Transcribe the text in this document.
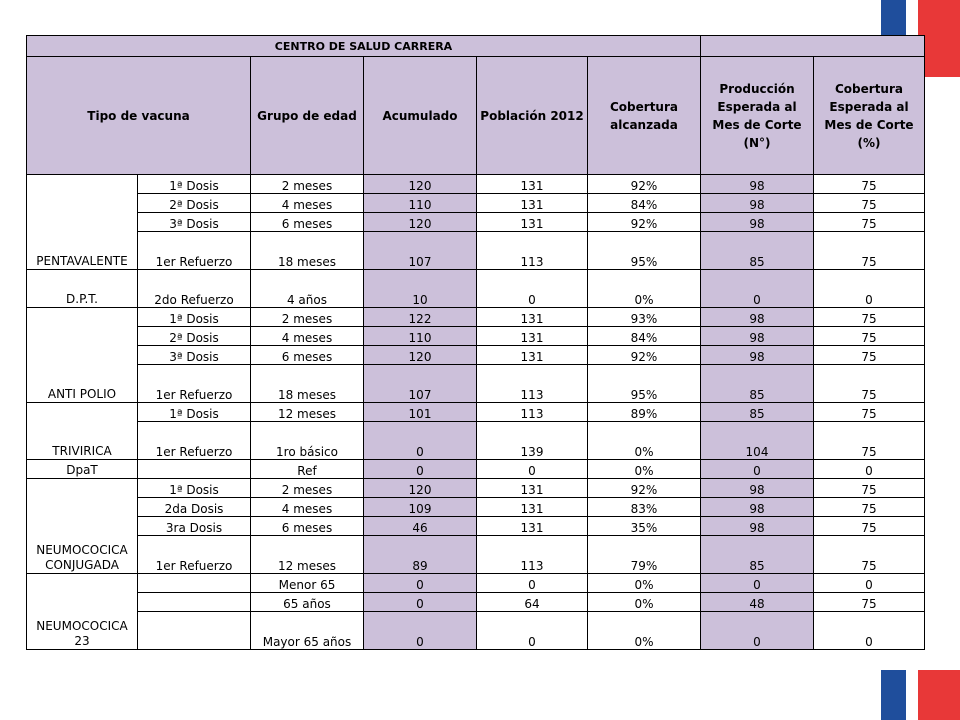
CENTRO DE SALUD CARRERA							
Tipo de vacuna		Grupo de edad	Acumulado	Población 2012	Cobertura alcanzada	Producción Esperada al Mes de Corte (N°)	Cobertura Esperada al Mes de Corte (%)
PENTAVALENTE	1ª Dosis	2 meses	120	131	92%	98	75
	2ª Dosis	4 meses	110	131	84%	98	75
	3ª Dosis	6 meses	120	131	92%	98	75
	1er Refuerzo	18 meses	107	113	95%	85	75
D.P.T.	2do Refuerzo	4 años	10	0	0%	0	0
ANTI POLIO	1ª Dosis	2 meses	122	131	93%	98	75
	2ª Dosis	4 meses	110	131	84%	98	75
	3ª Dosis	6 meses	120	131	92%	98	75
	1er Refuerzo	18 meses	107	113	95%	85	75
TRIVIRICA	1ª Dosis	12 meses	101	113	89%	85	75
	1er Refuerzo	1ro básico	0	139	0%	104	75
DpaT		Ref	0	0	0%	0	0
NEUMOCOCICA CONJUGADA	1ª Dosis	2 meses	120	131	92%	98	75
	2da Dosis	4 meses	109	131	83%	98	75
	3ra Dosis	6 meses	46	131	35%	98	75
	1er Refuerzo	12 meses	89	113	79%	85	75
NEUMOCOCICA 23		Menor 65	0	0	0%	0	0
		65 años	0	64	0%	48	75
		Mayor 65 años	0	0	0%	0	0
